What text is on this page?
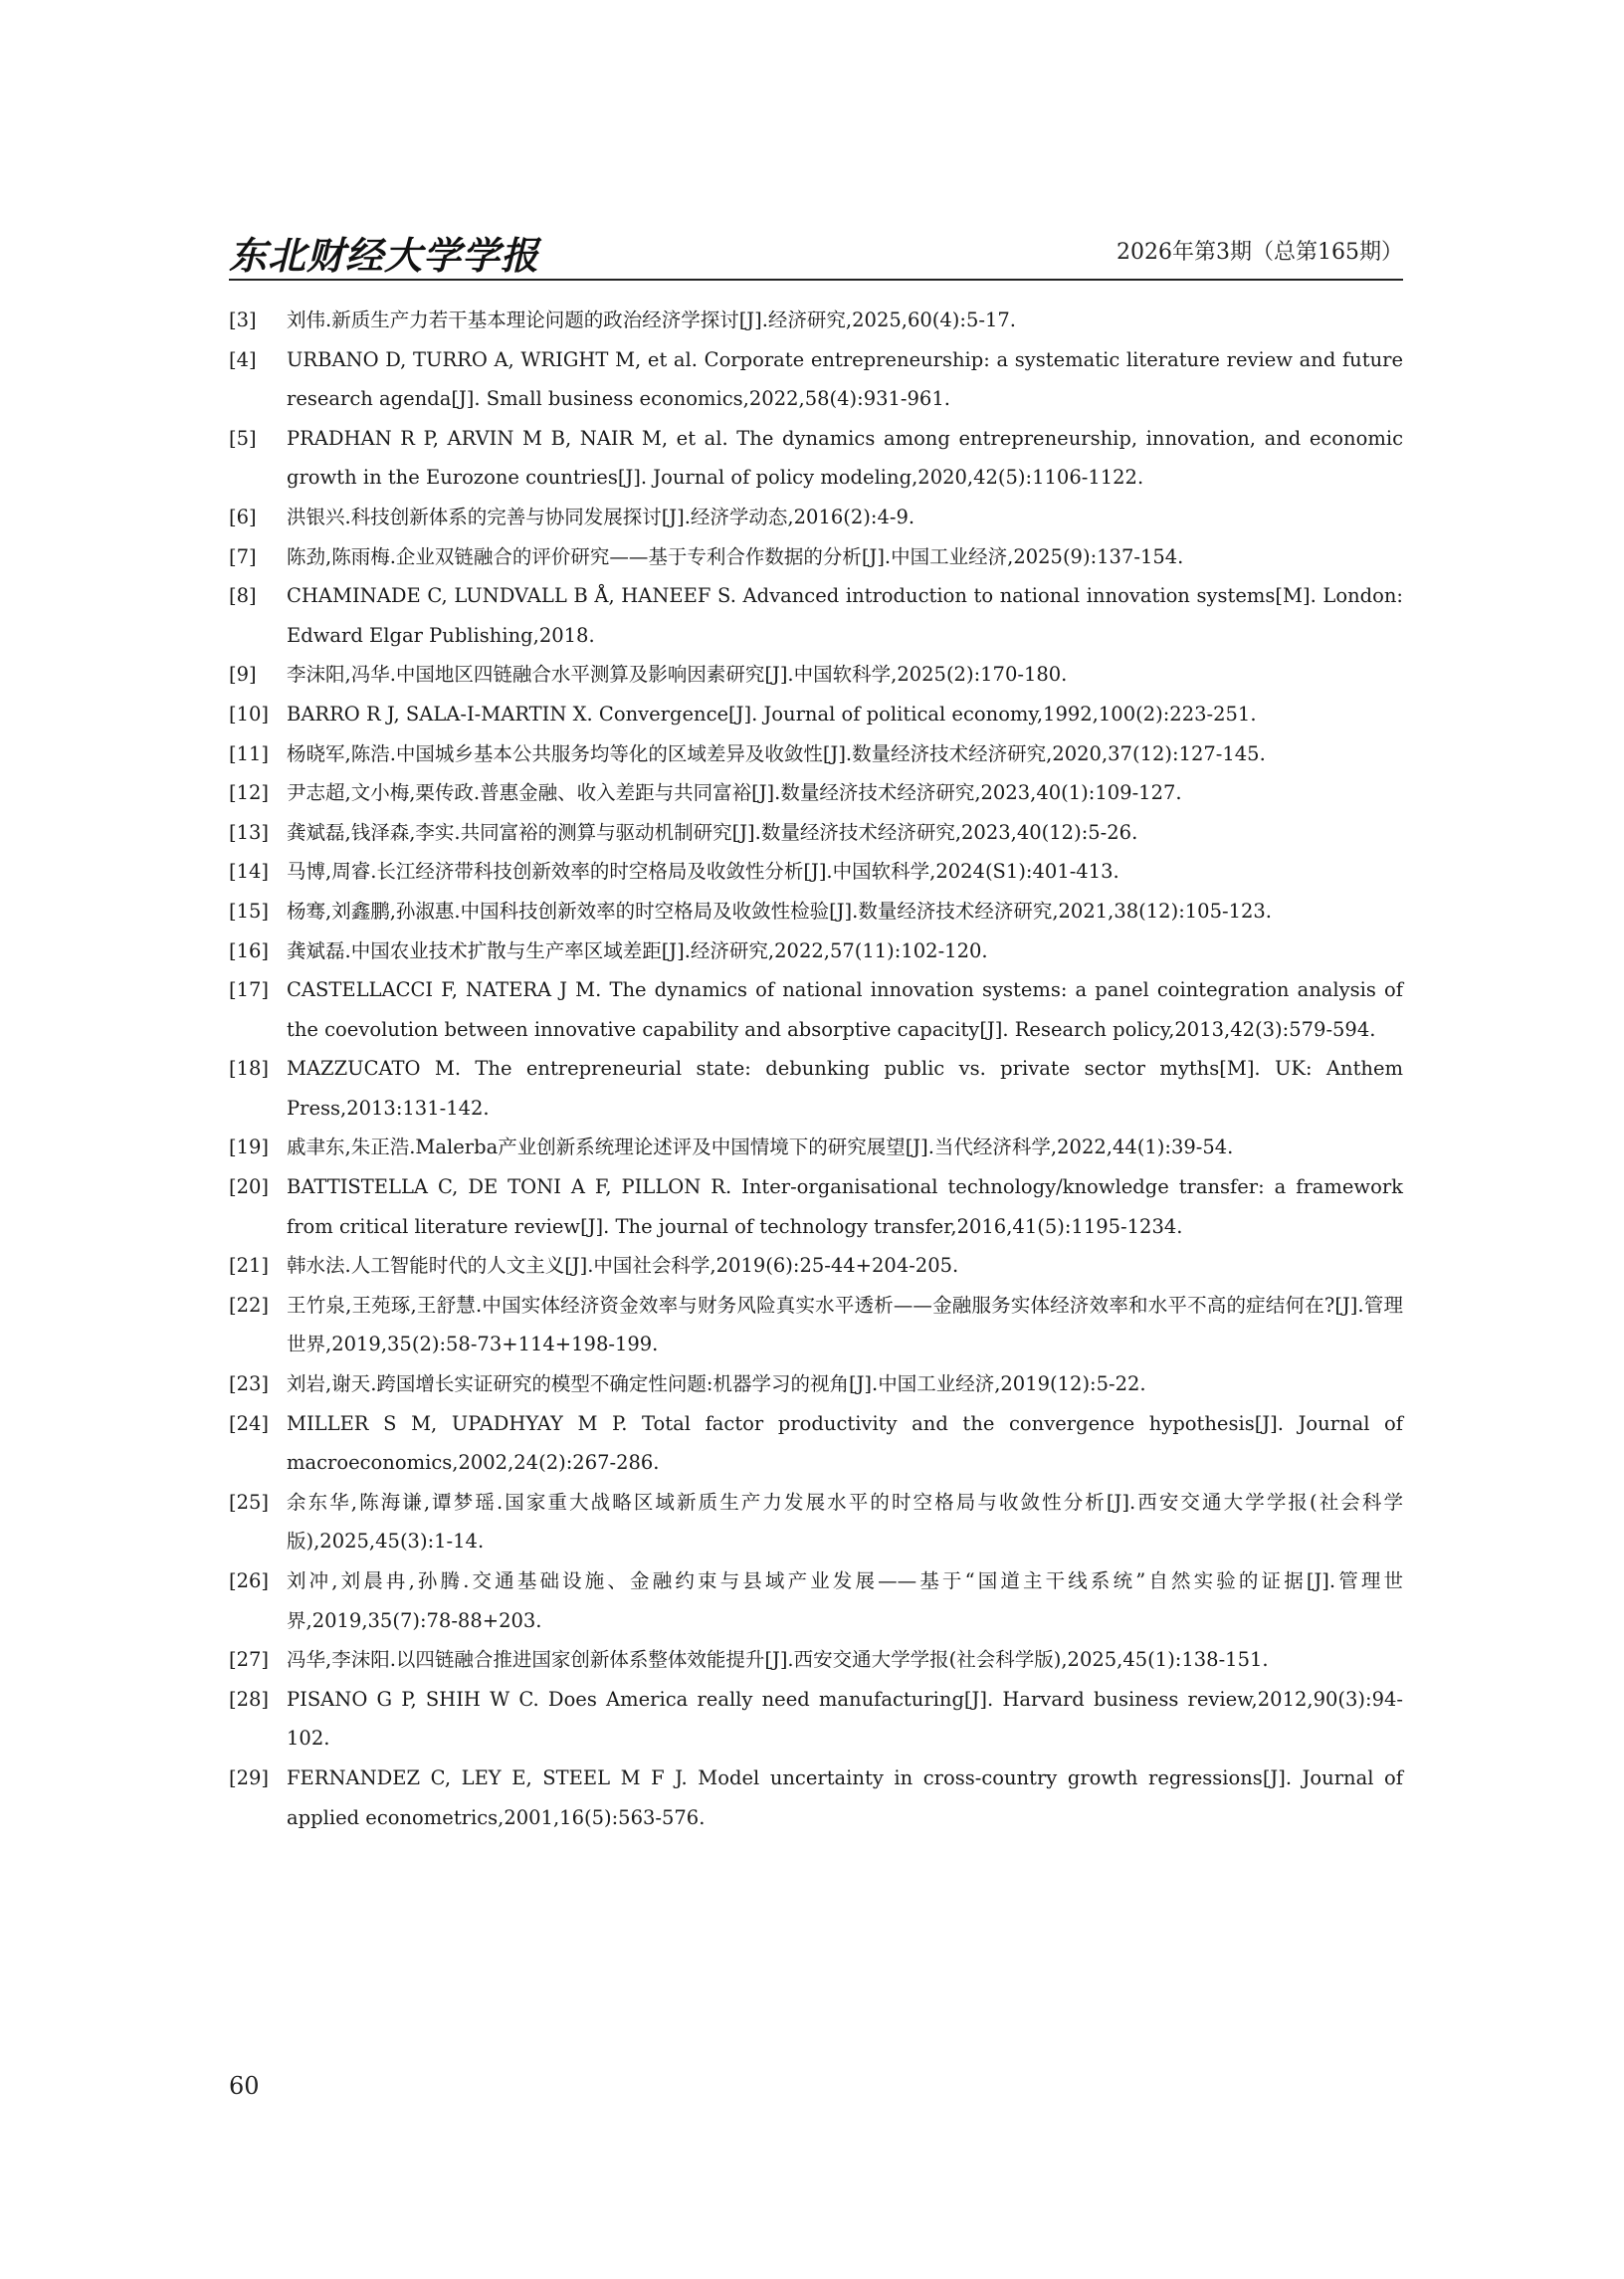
东北财经大学学报	2026年第3期（总第165期）
[3]	刘伟.新质生产力若干基本理论问题的政治经济学探讨[J].经济研究,2025,60(4):5-17.
[4]	URBANO D, TURRO A, WRIGHT M, et al. Corporate entrepreneurship: a systematic literature review and future research agenda[J]. Small business economics,2022,58(4):931-961.
[5]	PRADHAN R P, ARVIN M B, NAIR M, et al. The dynamics among entrepreneurship, innovation, and economic growth in the Eurozone countries[J]. Journal of policy modeling,2020,42(5):1106-1122.
[6]	洪银兴.科技创新体系的完善与协同发展探讨[J].经济学动态,2016(2):4-9.
[7]	陈劲,陈雨梅.企业双链融合的评价研究——基于专利合作数据的分析[J].中国工业经济,2025(9):137-154.
[8]	CHAMINADE C, LUNDVALL B Å, HANEEF S. Advanced introduction to national innovation systems[M]. London: Edward Elgar Publishing,2018.
[9]	李沫阳,冯华.中国地区四链融合水平测算及影响因素研究[J].中国软科学,2025(2):170-180.
[10] BARRO R J, SALA-I-MARTIN X. Convergence[J]. Journal of political economy,1992,100(2):223-251.
[11] 杨晓军,陈浩.中国城乡基本公共服务均等化的区域差异及收敛性[J].数量经济技术经济研究,2020,37(12):127-145.
[12] 尹志超,文小梅,栗传政.普惠金融、收入差距与共同富裕[J].数量经济技术经济研究,2023,40(1):109-127.
[13] 龚斌磊,钱泽森,李实.共同富裕的测算与驱动机制研究[J].数量经济技术经济研究,2023,40(12):5-26.
[14] 马博,周睿.长江经济带科技创新效率的时空格局及收敛性分析[J].中国软科学,2024(S1):401-413.
[15] 杨骞,刘鑫鹏,孙淑惠.中国科技创新效率的时空格局及收敛性检验[J].数量经济技术经济研究,2021,38(12):105-123.
[16] 龚斌磊.中国农业技术扩散与生产率区域差距[J].经济研究,2022,57(11):102-120.
[17] CASTELLACCI F, NATERA J M. The dynamics of national innovation systems: a panel cointegration analysis of the coevolution between innovative capability and absorptive capacity[J]. Research policy,2013,42(3):579-594.
[18] MAZZUCATO M. The entrepreneurial state: debunking public vs. private sector myths[M]. UK: Anthem Press,2013:131-142.
[19] 戚聿东,朱正浩.Malerba产业创新系统理论述评及中国情境下的研究展望[J].当代经济科学,2022,44(1):39-54.
[20] BATTISTELLA C, DE TONI A F, PILLON R. Inter-organisational technology/knowledge transfer: a framework from critical literature review[J]. The journal of technology transfer,2016,41(5):1195-1234.
[21] 韩水法.人工智能时代的人文主义[J].中国社会科学,2019(6):25-44+204-205.
[22] 王竹泉,王苑琢,王舒慧.中国实体经济资金效率与财务风险真实水平透析——金融服务实体经济效率和水平不高的症结何在?[J].管理世界,2019,35(2):58-73+114+198-199.
[23] 刘岩,谢天.跨国增长实证研究的模型不确定性问题:机器学习的视角[J].中国工业经济,2019(12):5-22.
[24] MILLER S M, UPADHYAY M P. Total factor productivity and the convergence hypothesis[J]. Journal of macroeconomics,2002,24(2):267-286.
[25] 余东华,陈海谦,谭梦瑶.国家重大战略区域新质生产力发展水平的时空格局与收敛性分析[J].西安交通大学学报(社会科学版),2025,45(3):1-14.
[26] 刘冲,刘晨冉,孙腾.交通基础设施、金融约束与县域产业发展——基于“国道主干线系统”自然实验的证据[J].管理世界,2019,35(7):78-88+203.
[27] 冯华,李沫阳.以四链融合推进国家创新体系整体效能提升[J].西安交通大学学报(社会科学版),2025,45(1):138-151.
[28] PISANO G P, SHIH W C. Does America really need manufacturing[J]. Harvard business review,2012,90(3):94-102.
[29] FERNANDEZ C, LEY E, STEEL M F J. Model uncertainty in cross-country growth regressions[J]. Journal of applied econometrics,2001,16(5):563-576.
60
